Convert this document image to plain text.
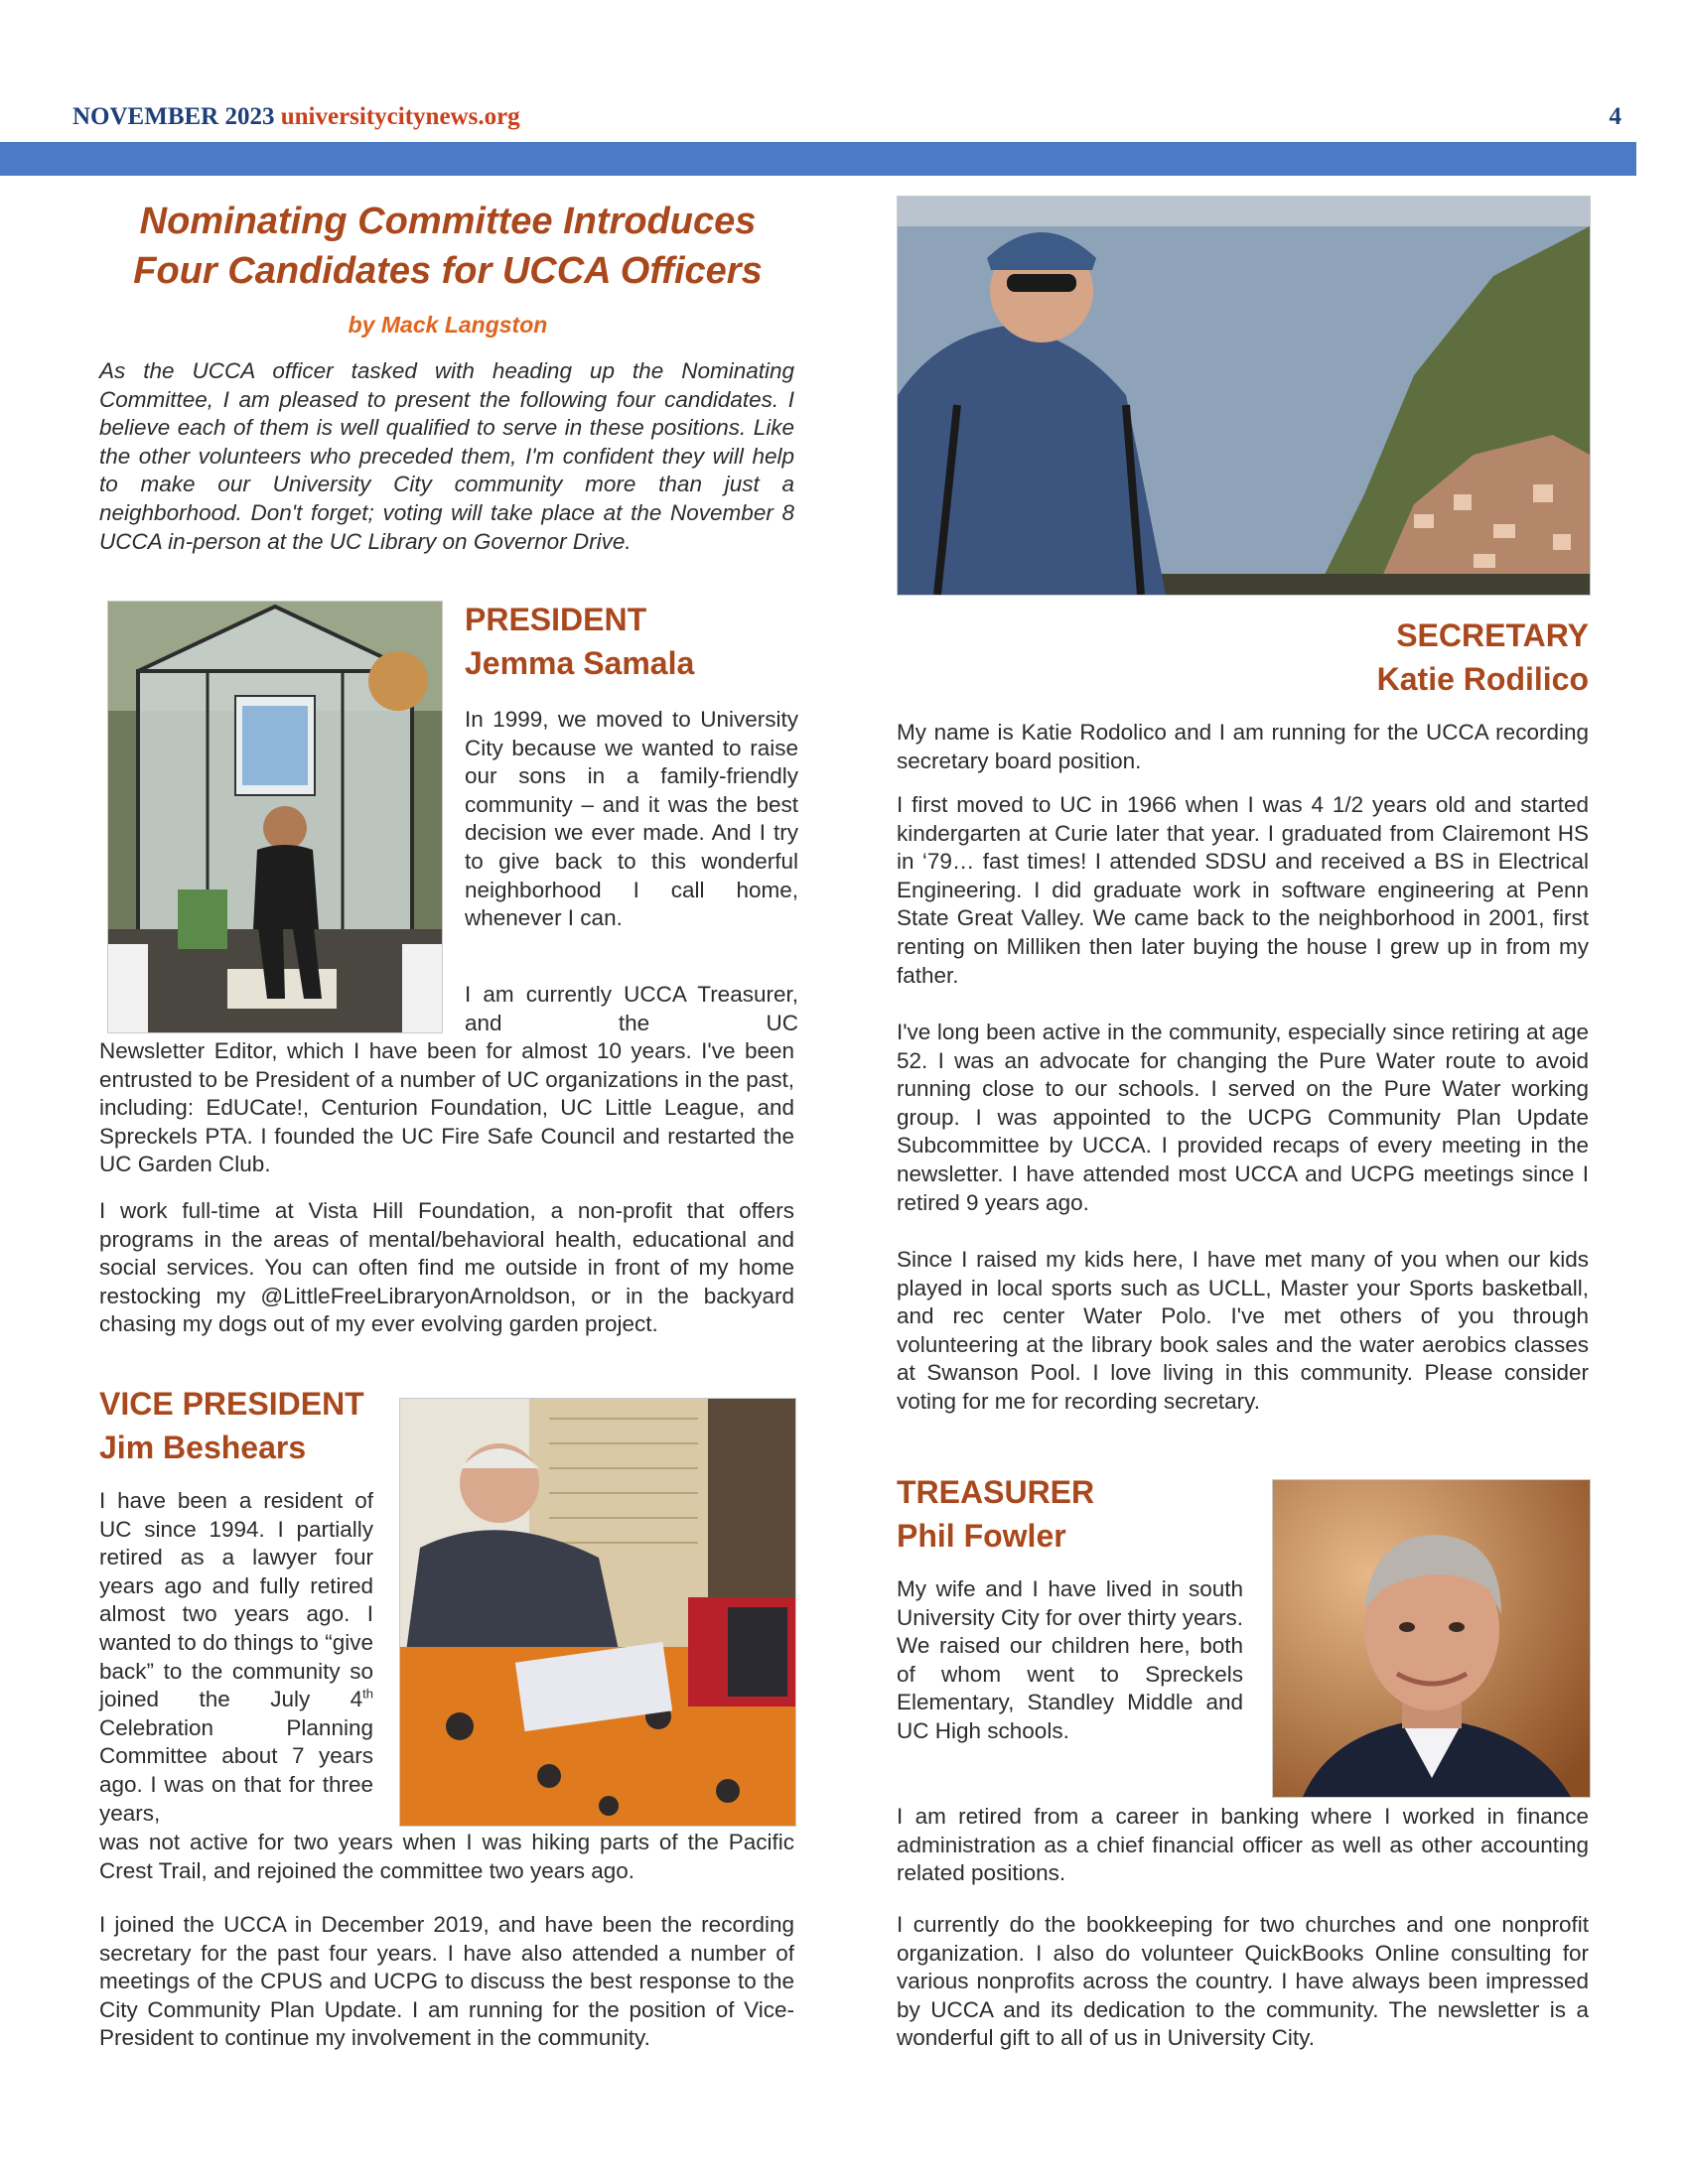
NOVEMBER 2023 universitycitynews.org	4
Nominating Committee Introduces Four Candidates for UCCA Officers
by Mack Langston

As the UCCA officer tasked with heading up the Nominating Committee, I am pleased to present the following four candidates. I believe each of them is well qualified to serve in these positions. Like the other volunteers who preceded them, I'm confident they will help to make our University City community more than just a neighborhood. Don't forget; voting will take place at the November 8 UCCA in-person at the UC Library on Governor Drive.

PRESIDENT

Jemma Samala

In 1999, we moved to University City because we wanted to raise our sons in a family-friendly community – and it was the best decision we ever made. And I try to give back to this wonderful neighborhood I call home, whenever I can.

I am currently UCCA Treasurer, and the UC

Newsletter Editor, which I have been for almost 10 years. I've been entrusted to be President of a number of UC organizations in the past, including: EdUCate!, Centurion Foundation, UC Little League, and Spreckels PTA. I founded the UC Fire Safe Council and restarted the UC Garden Club.

I work full-time at Vista Hill Foundation, a non-profit that offers programs in the areas of mental/behavioral health, educational and social services. You can often find me outside in front of my home restocking my @LittleFreeLibraryonArnoldson, or in the backyard chasing my dogs out of my ever evolving garden project.

VICE PRESIDENT

Jim Beshears

I have been a resident of UC since 1994. I partially retired as a lawyer four years ago and fully retired almost two years ago. I wanted to do things to “give back” to the community so joined the July 4th Celebration Planning Committee about 7 years ago. I was on that for three years,

was not active for two years when I was hiking parts of the Pacific Crest Trail, and rejoined the committee two years ago.

I joined the UCCA in December 2019, and have been the recording secretary for the past four years. I have also attended a number of meetings of the CPUS and UCPG to discuss the best response to the City Community Plan Update. I am running for the position of Vice-President to continue my involvement in the community.

SECRETARY

Katie Rodilico

My name is Katie Rodolico and I am running for the UCCA recording secretary board position.

I first moved to UC in 1966 when I was 4 1/2 years old and started kindergarten at Curie later that year. I graduated from Clairemont HS in ‘79… fast times! I attended SDSU and received a BS in Electrical Engineering. I did graduate work in software engineering at Penn State Great Valley. We came back to the neighborhood in 2001, first renting on Milliken then later buying the house I grew up in from my father.

I've long been active in the community, especially since retiring at age 52. I was an advocate for changing the Pure Water route to avoid running close to our schools. I served on the Pure Water working group. I was appointed to the UCPG Community Plan Update Subcommittee by UCCA. I provided recaps of every meeting in the newsletter. I have attended most UCCA and UCPG meetings since I retired 9 years ago.

Since I raised my kids here, I have met many of you when our kids played in local sports such as UCLL, Master your Sports basketball, and rec center Water Polo. I've met others of you through volunteering at the library book sales and the water aerobics classes at Swanson Pool. I love living in this community. Please consider voting for me for recording secretary.

TREASURER

Phil Fowler

My wife and I have lived in south University City for over thirty years. We raised our children here, both of whom went to Spreckels Elementary, Standley Middle and UC High schools.

I am retired from a career in banking where I worked in finance administration as a chief financial officer as well as other accounting related positions.

I currently do the bookkeeping for two churches and one nonprofit organization. I also do volunteer QuickBooks Online consulting for various nonprofits across the country. I have always been impressed by UCCA and its dedication to the community. The newsletter is a wonderful gift to all of us in University City.
